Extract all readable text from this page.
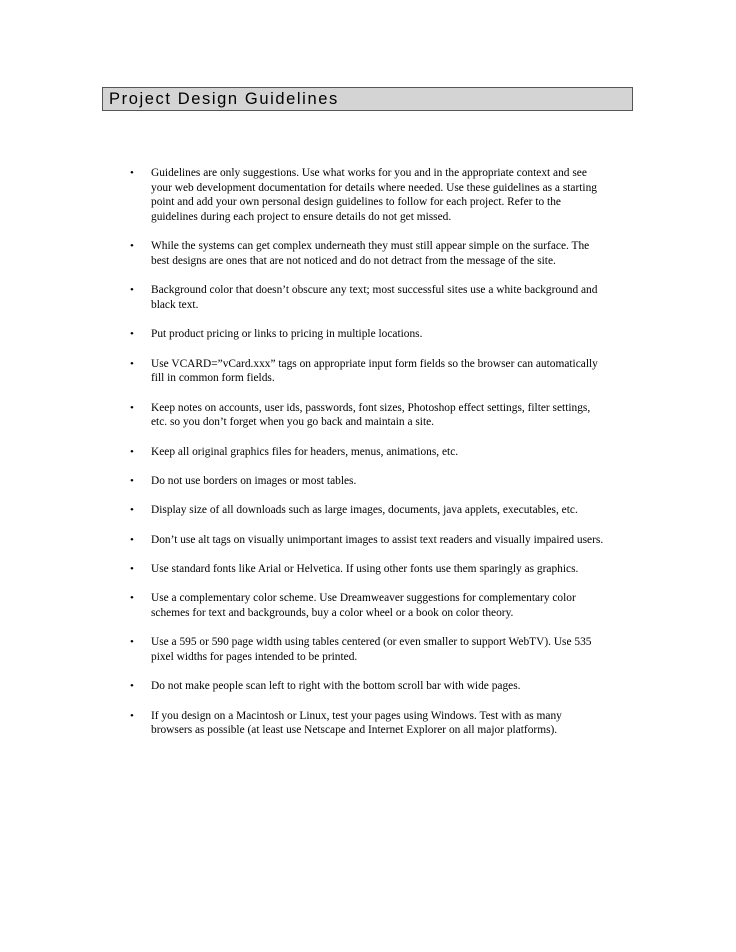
Project Design Guidelines
•	Guidelines are only suggestions. Use what works for you and in the appropriate context and see
your web development documentation for details where needed. Use these guidelines as a starting
point and add your own personal design guidelines to follow for each project. Refer to the
guidelines during each project to ensure details do not get missed.
•	While the systems can get complex underneath they must still appear simple on the surface. The
best designs are ones that are not noticed and do not detract from the message of the site.
•	Background color that doesn’t obscure any text; most successful sites use a white background and
black text.
•	Put product pricing or links to pricing in multiple locations.
•	Use VCARD=”vCard.xxx” tags on appropriate input form fields so the browser can automatically
fill in common form fields.
•	Keep notes on accounts, user ids, passwords, font sizes, Photoshop effect settings, filter settings,
etc. so you don’t forget when you go back and maintain a site.
•	Keep all original graphics files for headers, menus, animations, etc.
•	Do not use borders on images or most tables.
•	Display size of all downloads such as large images, documents, java applets, executables, etc.
•	Don’t use alt tags on visually unimportant images to assist text readers and visually impaired users.
•	Use standard fonts like Arial or Helvetica. If using other fonts use them sparingly as graphics.
•	Use a complementary color scheme. Use Dreamweaver suggestions for complementary color
schemes for text and backgrounds, buy a color wheel or a book on color theory.
•	Use a 595 or 590 page width using tables centered (or even smaller to support WebTV). Use 535
pixel widths for pages intended to be printed.
•	Do not make people scan left to right with the bottom scroll bar with wide pages.
•	If you design on a Macintosh or Linux, test your pages using Windows. Test with as many
browsers as possible (at least use Netscape and Internet Explorer on all major platforms).
